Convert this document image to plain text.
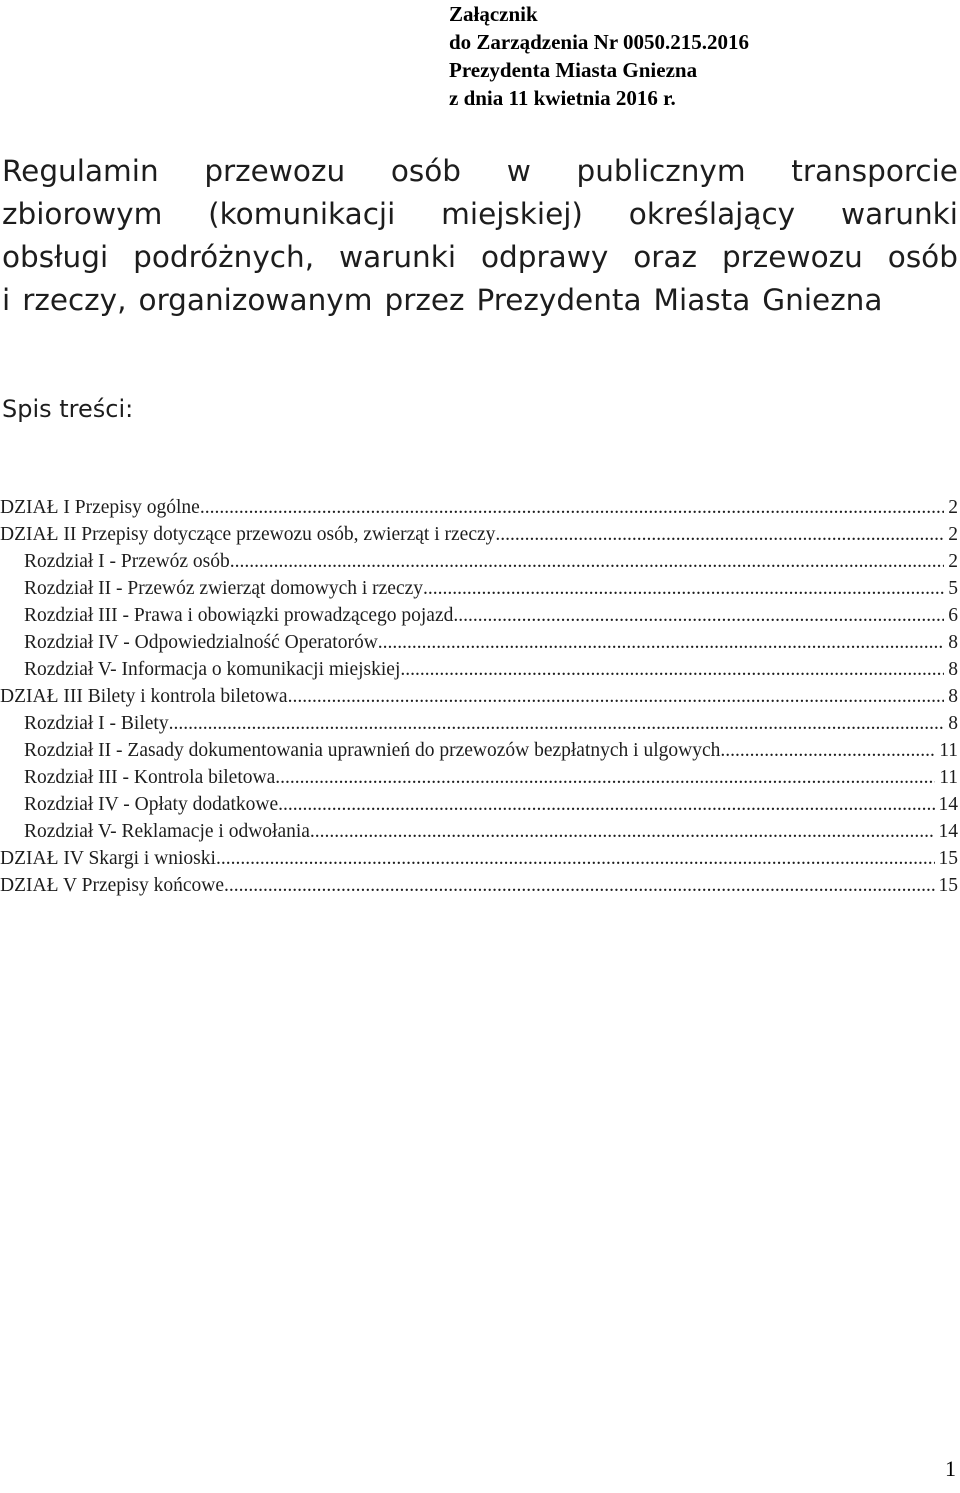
Załącznik
do Zarządzenia Nr 0050.215.2016
Prezydenta Miasta Gniezna
z dnia 11 kwietnia 2016 r.
Regulamin przewozu osób w publicznym transporcie
zbiorowym (komunikacji miejskiej) określający warunki
obsługi podróżnych, warunki odprawy oraz przewozu osób
i rzeczy, organizowanym przez Prezydenta Miasta Gniezna
Spis treści:
DZIAŁ I Przepisy ogólne .....	2
DZIAŁ II Przepisy dotyczące przewozu osób, zwierząt i rzeczy .....	2
Rozdział I - Przewóz osób .....	2
Rozdział II - Przewóz zwierząt domowych i rzeczy .....	5
Rozdział III - Prawa i obowiązki prowadzącego pojazd .....	6
Rozdział IV - Odpowiedzialność Operatorów .....	8
Rozdział V- Informacja o komunikacji miejskiej .....	8
DZIAŁ III Bilety i kontrola biletowa .....	8
Rozdział I - Bilety .....	8
Rozdział II - Zasady dokumentowania uprawnień do przewozów bezpłatnych i ulgowych .....	11
Rozdział III - Kontrola biletowa .....	11
Rozdział IV - Opłaty dodatkowe .....	14
Rozdział V- Reklamacje i odwołania .....	14
DZIAŁ IV Skargi i wnioski .....	15
DZIAŁ V Przepisy końcowe .....	15
1
